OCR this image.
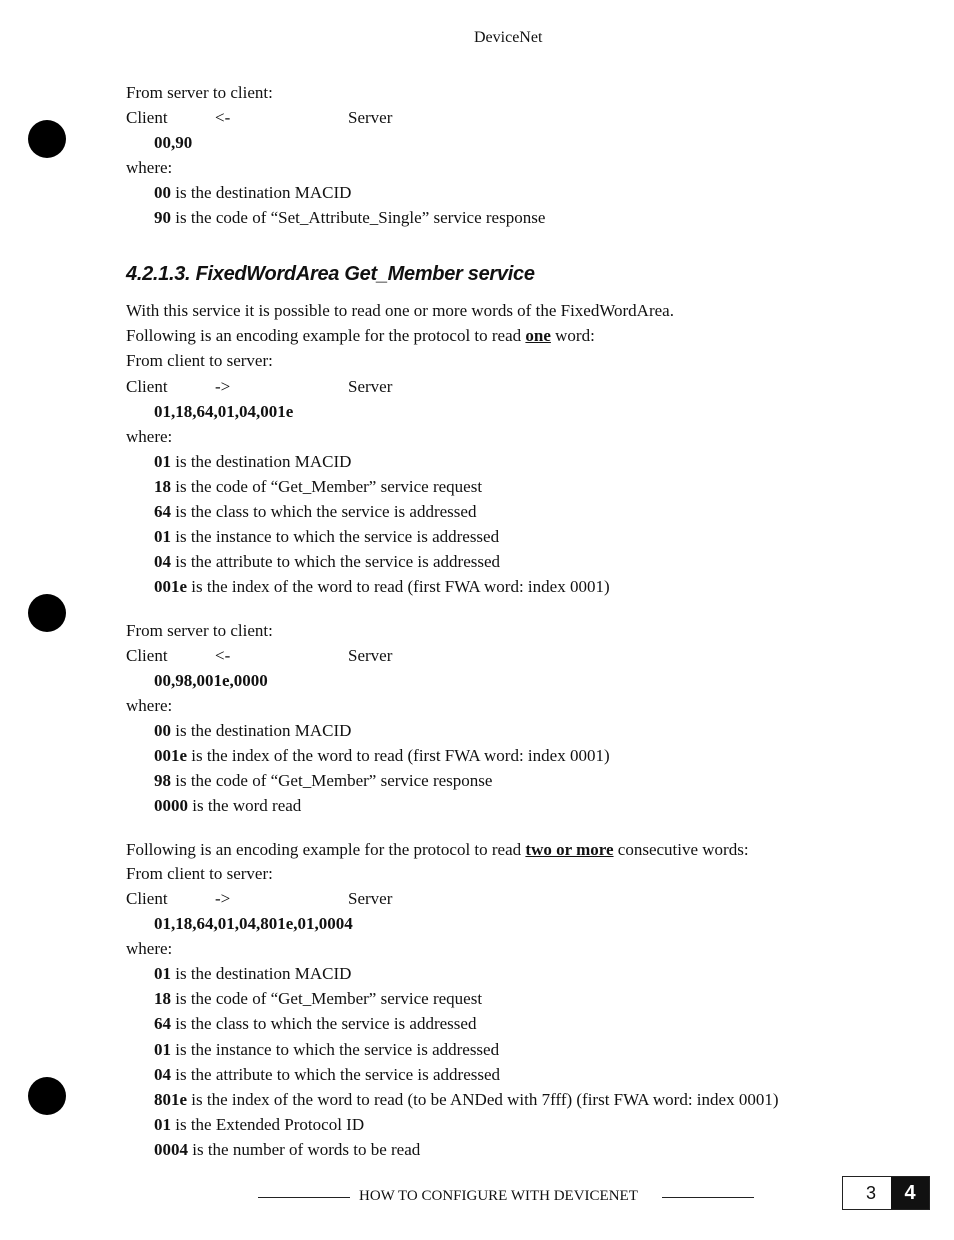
DeviceNet
From server to client:
Client	<-	Server
00,90
where:
00 is the destination MACID
90 is the code of “Set_Attribute_Single” service response
4.2.1.3. FixedWordArea Get_Member service
With this service it is possible to read one or more words of the FixedWordArea.
Following is an encoding example for the protocol to read one word:
From client to server:
Client	->	Server
01,18,64,01,04,001e
where:
01 is the destination MACID
18 is the code of “Get_Member” service request
64 is the class to which the service is addressed
01 is the instance to which the service is addressed
04 is the attribute to which the service is addressed
001e is the index of the word to read (first FWA word: index 0001)
From server to client:
Client	<-	Server
00,98,001e,0000
where:
00 is the destination MACID
001e is the index of the word to read (first FWA word: index 0001)
98 is the code of “Get_Member” service response
0000 is the word read
Following is an encoding example for the protocol to read two or more consecutive words:
From client to server:
Client	->	Server
01,18,64,01,04,801e,01,0004
where:
01 is the destination MACID
18 is the code of “Get_Member” service request
64 is the class to which the service is addressed
01 is the instance to which the service is addressed
04 is the attribute to which the service is addressed
801e is the index of the word to read (to be ANDed with 7fff) (first FWA word: index 0001)
01 is the Extended Protocol ID
0004 is the number of words to be read
HOW TO CONFIGURE WITH DEVICENET	3	4
